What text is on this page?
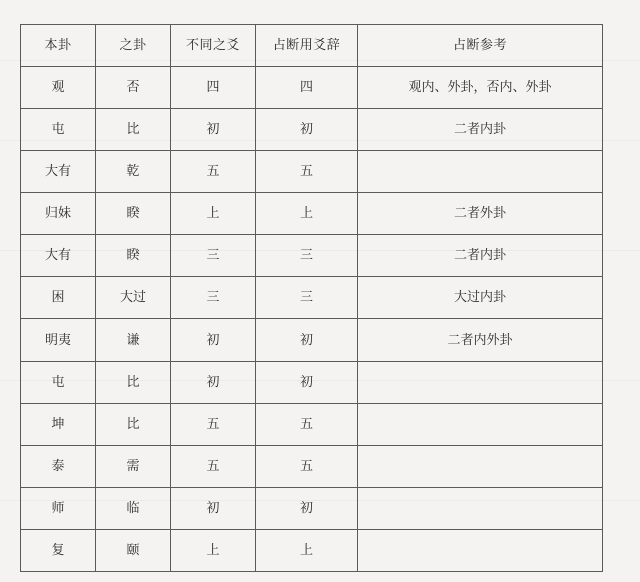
本卦	之卦	不同之爻	占断用爻辞	占断参考
观	否	四	四	观内、外卦，否内、外卦
屯	比	初	初	二者内卦
大有	乾	五	五	
归妹	睽	上	上	二者外卦
大有	睽	三	三	二者内卦
困	大过	三	三	大过内卦
明夷	谦	初	初	二者内外卦
屯	比	初	初	
坤	比	五	五	
泰	需	五	五	
师	临	初	初	
复	颐	上	上	
